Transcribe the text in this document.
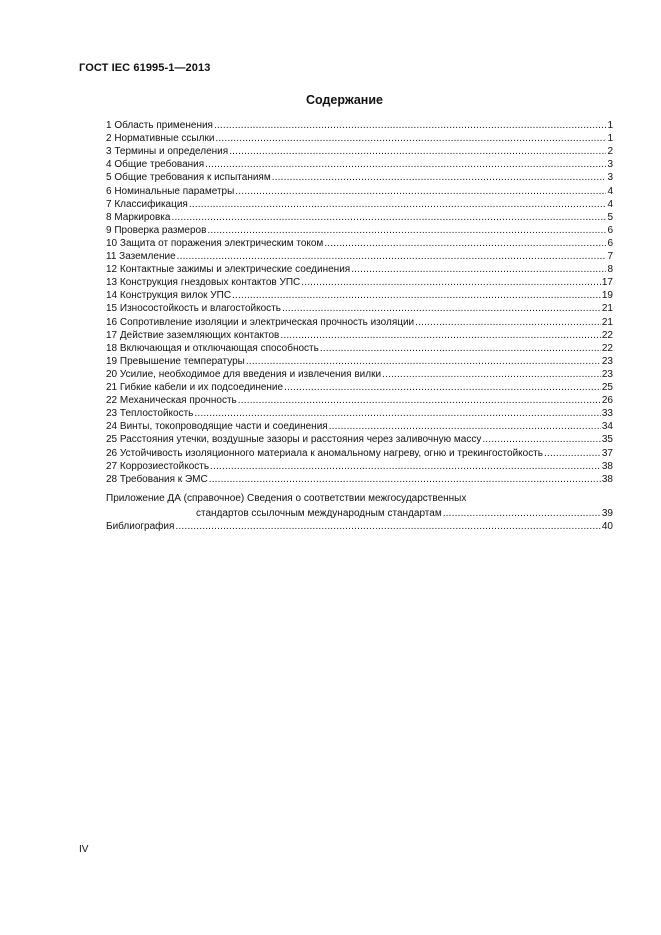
ГОСТ IEC 61995-1—2013
Содержание
1 Область применения .....	1
2 Нормативные ссылки .....	1
3 Термины и определения .....	2
4 Общие требования .....	3
5 Общие требования к испытаниям .....	3
6 Номинальные параметры .....	4
7 Классификация .....	4
8 Маркировка .....	5
9 Проверка размеров .....	6
10 Защита от поражения электрическим током .....	6
11 Заземление .....	7
12 Контактные зажимы и электрические соединения .....	8
13 Конструкция гнездовых контактов УПС .....	17
14 Конструкция вилок УПС .....	19
15 Износостойкость и влагостойкость .....	21
16 Сопротивление изоляции и электрическая прочность изоляции .....	21
17 Действие заземляющих контактов .....	22
18 Включающая и отключающая способность .....	22
19 Превышение температуры .....	23
20 Усилие, необходимое для введения и извлечения вилки .....	23
21 Гибкие кабели и их подсоединение .....	25
22 Механическая прочность .....	26
23 Теплостойкость .....	33
24 Винты, токопроводящие части и соединения .....	34
25 Расстояния утечки, воздушные зазоры и расстояния через заливочную массу .....	35
26 Устойчивость изоляционного материала к аномальному нагреву, огню и трекингостойкость .....	37
27 Коррозиестойкость .....	38
28 Требования к ЭМС .....	38
Приложение ДА (справочное) Сведения о соответствии межгосударственных
стандартов ссылочным международным стандартам .....	39
Библиография .....	40
IV
